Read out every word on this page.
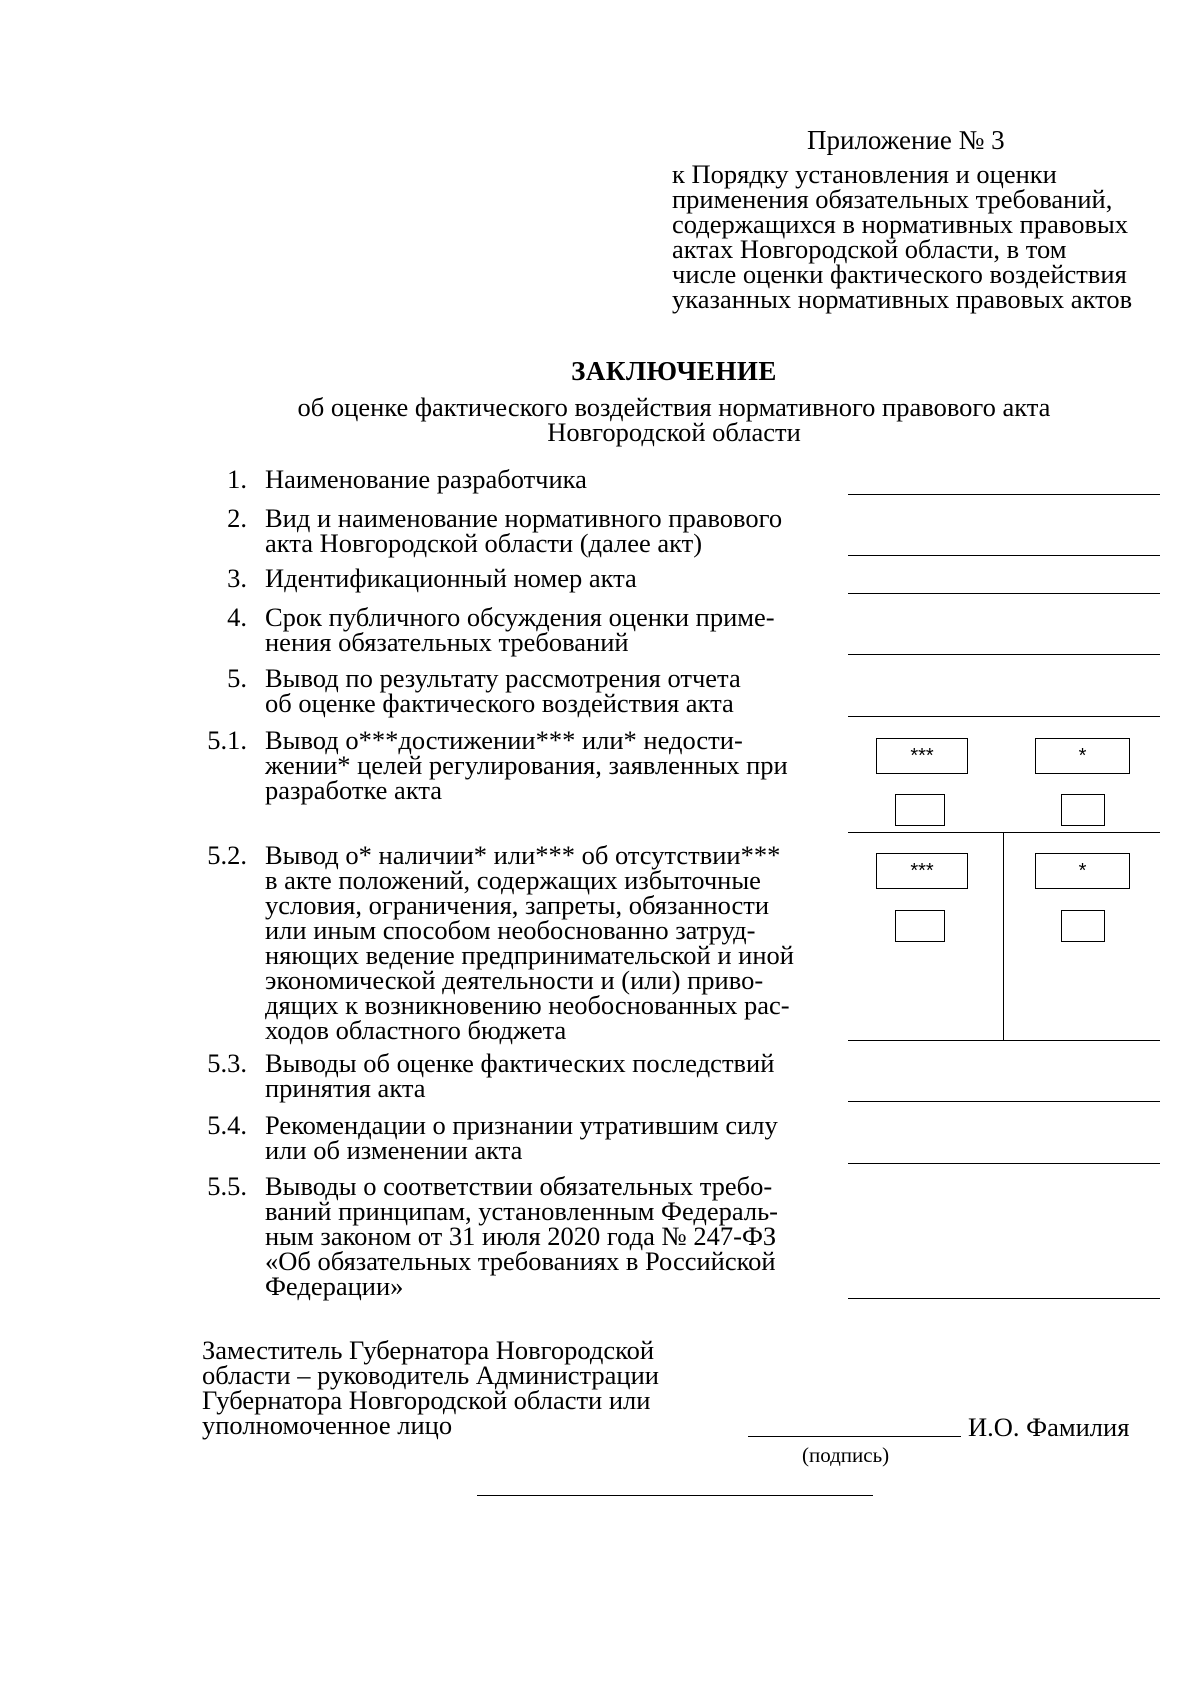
Приложение № 3
к Порядку установления и оценки
применения обязательных требований,
содержащихся в нормативных правовых
актах Новгородской области, в том
числе оценки фактического воздействия
указанных нормативных правовых актов
ЗАКЛЮЧЕНИЕ
об оценке фактического воздействия нормативного правового акта
Новгородской области
1. Наименование разработчика
2. Вид и наименование нормативного правового
акта Новгородской области (далее акт)
3. Идентификационный номер акта
4. Срок публичного обсуждения оценки приме-
нения обязательных требований
5. Вывод по результату рассмотрения отчета
об оценке фактического воздействия акта
5.1. Вывод о***достижении*** или* недости-
жении* целей регулирования, заявленных при
разработке акта
***	*
5.2. Вывод о* наличии* или*** об отсутствии***
в акте положений, содержащих избыточные
условия, ограничения, запреты, обязанности
или иным способом необоснованно затруд-
няющих ведение предпринимательской и иной
экономической деятельности и (или) приво-
дящих к возникновению необоснованных рас-
ходов областного бюджета
***	*
5.3. Выводы об оценке фактических последствий
принятия акта
5.4. Рекомендации о признании утратившим силу
или об изменении акта
5.5. Выводы о соответствии обязательных требо-
ваний принципам, установленным Федераль-
ным законом от 31 июля 2020 года № 247-ФЗ
«Об обязательных требованиях в Российской
Федерации»
Заместитель Губернатора Новгородской
области – руководитель Администрации
Губернатора Новгородской области или
уполномоченное лицо	И.О. Фамилия
(подпись)
